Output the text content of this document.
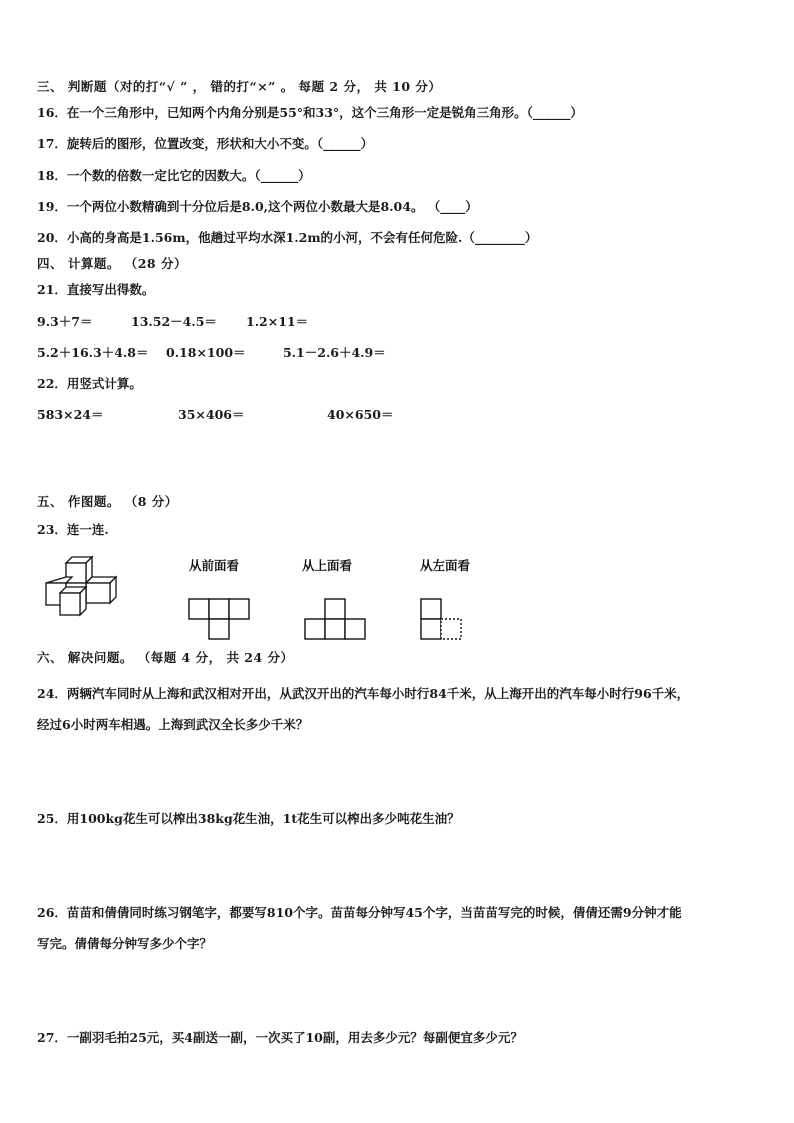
三、 判断题（对的打“√ ” ， 错的打“×” 。 每题 2 分， 共 10 分）
16．在一个三角形中，已知两个内角分别是55°和33°，这个三角形一定是锐角三角形。（______）
17．旋转后的图形，位置改变，形状和大小不变。（______）
18．一个数的倍数一定比它的因数大。（______）
19．一个两位小数精确到十分位后是8.0,这个两位小数最大是8.04。 （____）
20．小高的身高是1.56m，他趟过平均水深1.2m的小河，不会有任何危险.（________）
四、 计算题。 （28 分）
21．直接写出得数。
9.3＋7＝	13.52－4.5＝ 1.2×11＝
5.2＋16.3＋4.8＝ 0.18×100＝	5.1－2.6＋4.9＝
22．用竖式计算。
583×24＝	35×406＝	40×650＝
五、 作图题。 （8 分）
23．连一连.
从前面看	从上面看	从左面看
六、 解决问题。 （每题 4 分， 共 24 分）
24．两辆汽车同时从上海和武汉相对开出，从武汉开出的汽车每小时行84千米，从上海开出的汽车每小时行96千米，
经过6小时两车相遇。上海到武汉全长多少千米？
25．用100kg花生可以榨出38kg花生油，1t花生可以榨出多少吨花生油？
26．苗苗和倩倩同时练习钢笔字，都要写810个字。苗苗每分钟写45个字，当苗苗写完的时候，倩倩还需9分钟才能
写完。倩倩每分钟写多少个字？
27．一副羽毛拍25元，买4副送一副，一次买了10副，用去多少元？每副便宜多少元？
